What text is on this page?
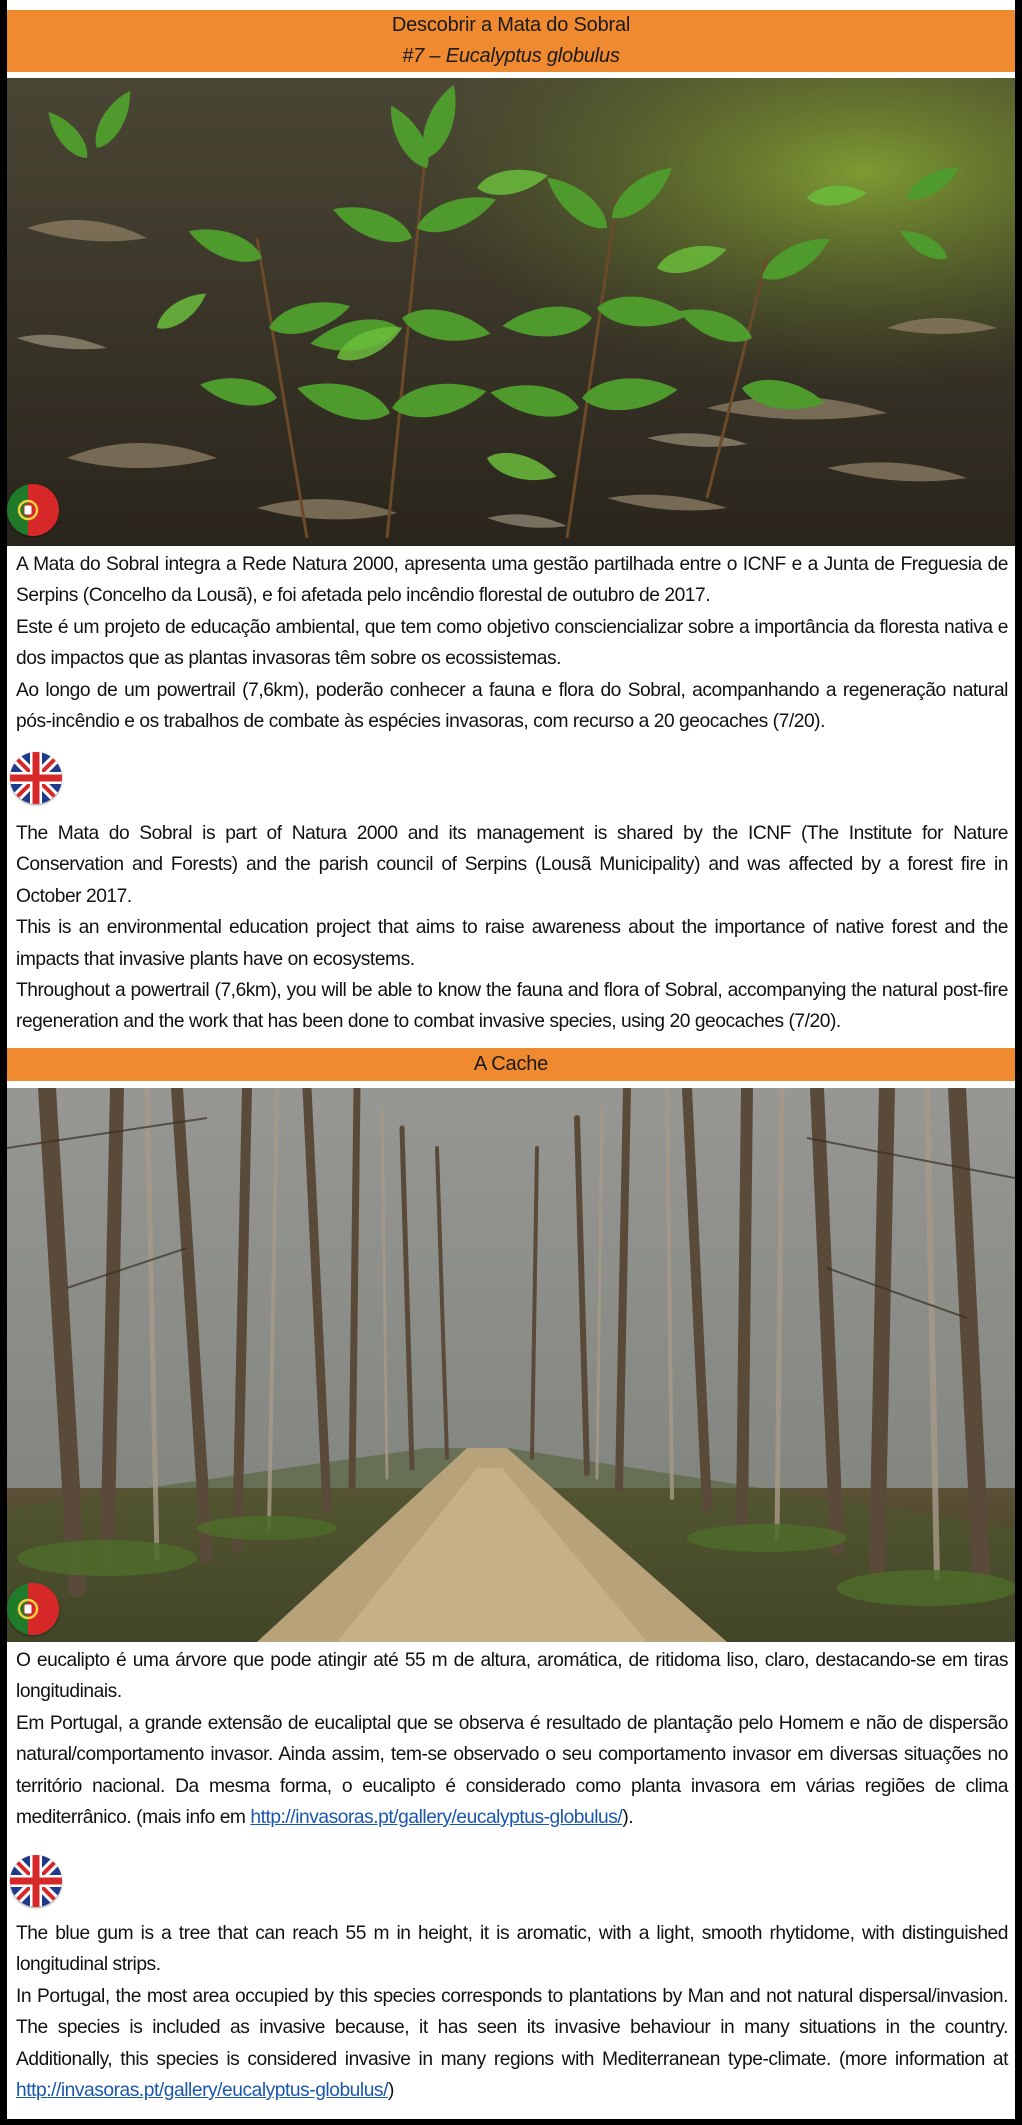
Descobrir a Mata do Sobral
#7 – Eucalyptus globulus

A Mata do Sobral integra a Rede Natura 2000, apresenta uma gestão partilhada entre o ICNF e a Junta de Freguesia de Serpins (Concelho da Lousã), e foi afetada pelo incêndio florestal de outubro de 2017.

Este é um projeto de educação ambiental, que tem como objetivo consciencializar sobre a importância da floresta nativa e dos impactos que as plantas invasoras têm sobre os ecossistemas.

Ao longo de um powertrail (7,6km), poderão conhecer a fauna e flora do Sobral, acompanhando a regeneração natural pós-incêndio e os trabalhos de combate às espécies invasoras, com recurso a 20 geocaches (7/20).

The Mata do Sobral is part of Natura 2000 and its management is shared by the ICNF (The Institute for Nature Conservation and Forests) and the parish council of Serpins (Lousã Municipality) and was affected by a forest fire in October 2017.

This is an environmental education project that aims to raise awareness about the importance of native forest and the impacts that invasive plants have on ecosystems.

Throughout a powertrail (7,6km), you will be able to know the fauna and flora of Sobral, accompanying the natural post-fire regeneration and the work that has been done to combat invasive species, using 20 geocaches (7/20).

A Cache

O eucalipto é uma árvore que pode atingir até 55 m de altura, aromática, de ritidoma liso, claro, destacando-se em tiras longitudinais.

Em Portugal, a grande extensão de eucaliptal que se observa é resultado de plantação pelo Homem e não de dispersão natural/comportamento invasor. Ainda assim, tem-se observado o seu comportamento invasor em diversas situações no território nacional. Da mesma forma, o eucalipto é considerado como planta invasora em várias regiões de clima mediterrânico. (mais info em http://invasoras.pt/gallery/eucalyptus-globulus/).

The blue gum is a tree that can reach 55 m in height, it is aromatic, with a light, smooth rhytidome, with distinguished longitudinal strips.

In Portugal, the most area occupied by this species corresponds to plantations by Man and not natural dispersal/invasion. The species is included as invasive because, it has seen its invasive behaviour in many situations in the country. Additionally, this species is considered invasive in many regions with Mediterranean type-climate. (more information at http://invasoras.pt/gallery/eucalyptus-globulus/)
